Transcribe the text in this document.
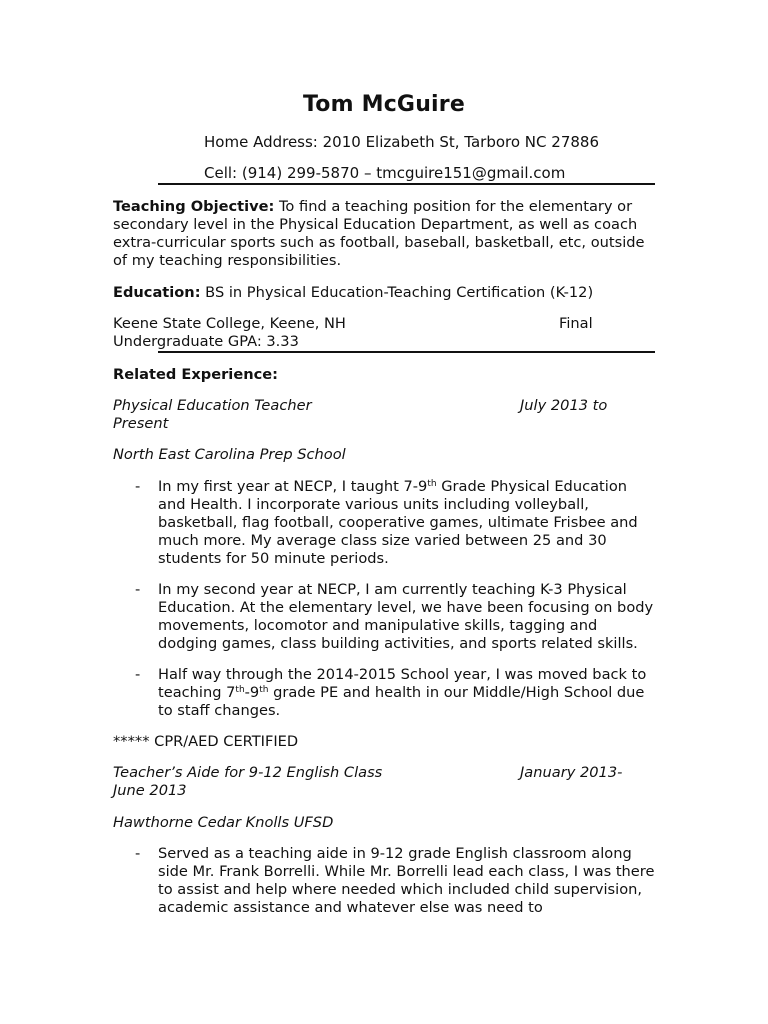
Tom McGuire
Home Address: 2010 Elizabeth St, Tarboro NC 27886
Cell: (914) 299-5870 – tmcguire151@gmail.com

Teaching Objective: To find a teaching position for the elementary or secondary level in the Physical Education Department, as well as coach extra-curricular sports such as football, baseball, basketball, etc, outside of my teaching responsibilities.

Education: BS in Physical Education-Teaching Certification (K-12)

Keene State College, Keene, NH	Final
Undergraduate GPA: 3.33
Related Experience:
Physical Education Teacher	July 2013 to
Present
North East Carolina Prep School
- In my first year at NECP, I taught 7-9th Grade Physical Education and Health. I incorporate various units including volleyball, basketball, flag football, cooperative games, ultimate Frisbee and much more. My average class size varied between 25 and 30 students for 50 minute periods.
- In my second year at NECP, I am currently teaching K-3 Physical Education. At the elementary level, we have been focusing on body movements, locomotor and manipulative skills, tagging and dodging games, class building activities, and sports related skills.
- Half way through the 2014-2015 School year, I was moved back to teaching 7th-9th grade PE and health in our Middle/High School due to staff changes.
***** CPR/AED CERTIFIED
Teacher’s Aide for 9-12 English Class	January 2013-
June 2013
Hawthorne Cedar Knolls UFSD
- Served as a teaching aide in 9-12 grade English classroom along side Mr. Frank Borrelli. While Mr. Borrelli lead each class, I was there to assist and help where needed which included child supervision, academic assistance and whatever else was need to
